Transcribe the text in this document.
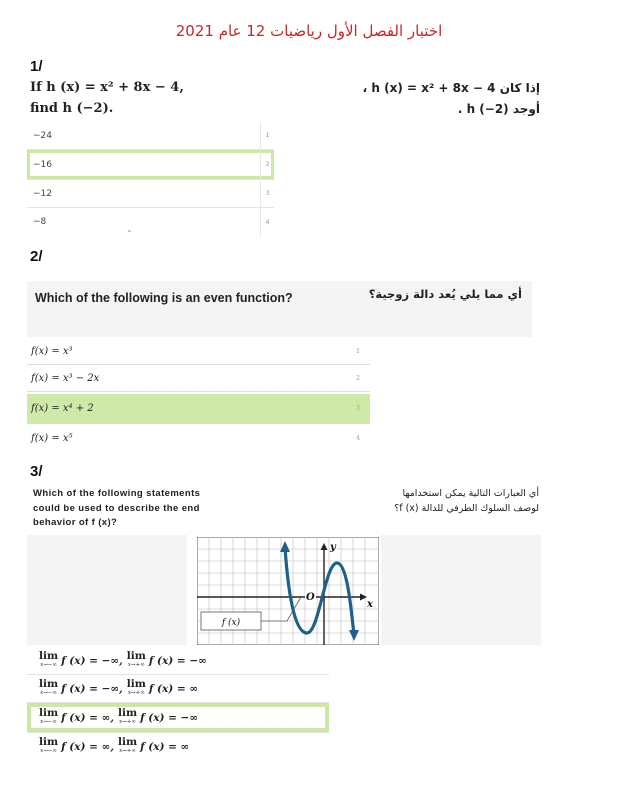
اختبار الفصل الأول رياضيات 12 عام 2021
1/
If h (x) = x² + 8x − 4,
find h (−2).
إذا كان h (x) = x² + 8x − 4 ،
أوجد h (−2) .
−24	1
−16	2
−12	3
−8	4
⌃
2/
Which of the following is an even function?	أي مما يلي يُعد دالة زوجية؟
f(x) = x³	1
f(x) = x³ − 2x	2
f(x) = x⁴ + 2	3
f(x) = x⁵	4
3/
Which of the following statements
could be used to describe the end
behavior of f (x)?
أي العبارات التالية يمكن استخدامها
لوصف السلوك الطرفي للدالة f (x)؟
y
x
O
f (x)
lim
x→−∞ f (x) = −∞, lim
x→+∞ f (x) = −∞
lim
x→−∞ f (x) = −∞, lim
x→+∞ f (x) = ∞
lim
x→−∞ f (x) = ∞, lim
x→+∞ f (x) = −∞
lim
x→−∞ f (x) = ∞, lim
x→+∞ f (x) = ∞
